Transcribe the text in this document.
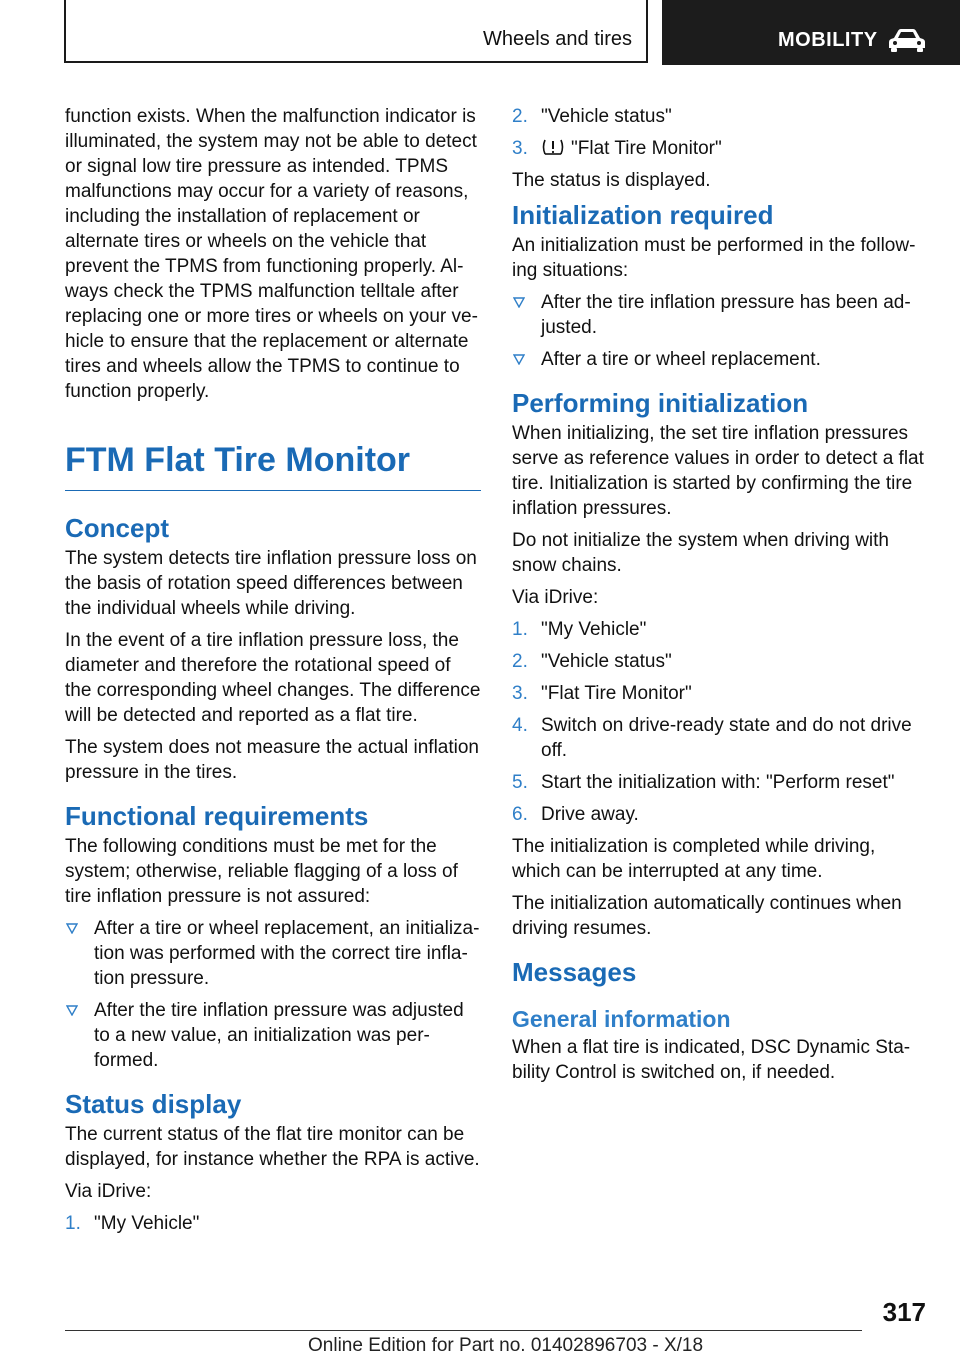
Wheels and tires	MOBILITY

function exists. When the malfunction indicator is illuminated, the system may not be able to detect or signal low tire pressure as intended. TPMS malfunctions may occur for a variety of reasons, including the installation of replacement or alternate tires or wheels on the vehicle that prevent the TPMS from functioning properly. Always check the TPMS malfunction telltale after replacing one or more tires or wheels on your vehicle to ensure that the replacement or alternate tires and wheels allow the TPMS to continue to function properly.

FTM Flat Tire Monitor
Concept

The system detects tire inflation pressure loss on the basis of rotation speed differences between the individual wheels while driving.

In the event of a tire inflation pressure loss, the diameter and therefore the rotational speed of the corresponding wheel changes. The difference will be detected and reported as a flat tire.

The system does not measure the actual inflation pressure in the tires.

Functional requirements

The following conditions must be met for the system; otherwise, reliable flagging of a loss of tire inflation pressure is not assured:

After a tire or wheel replacement, an initialization was performed with the correct tire inflation pressure.
After the tire inflation pressure was adjusted to a new value, an initialization was performed.
Status display

The current status of the flat tire monitor can be displayed, for instance whether the RPA is active.

Via iDrive:

1. "My Vehicle"
2. "Vehicle status"
3. "Flat Tire Monitor"

The status is displayed.

Initialization required

An initialization must be performed in the following situations:

After the tire inflation pressure has been adjusted.
After a tire or wheel replacement.
Performing initialization

When initializing, the set tire inflation pressures serve as reference values in order to detect a flat tire. Initialization is started by confirming the tire inflation pressures.

Do not initialize the system when driving with snow chains.

Via iDrive:

1. "My Vehicle"
2. "Vehicle status"
3. "Flat Tire Monitor"
4. Switch on drive-ready state and do not drive off.
5. Start the initialization with: "Perform reset"
6. Drive away.

The initialization is completed while driving, which can be interrupted at any time.

The initialization automatically continues when driving resumes.

Messages
General information

When a flat tire is indicated, DSC Dynamic Stability Control is switched on, if needed.

317
Online Edition for Part no. 01402896703 - X/18
